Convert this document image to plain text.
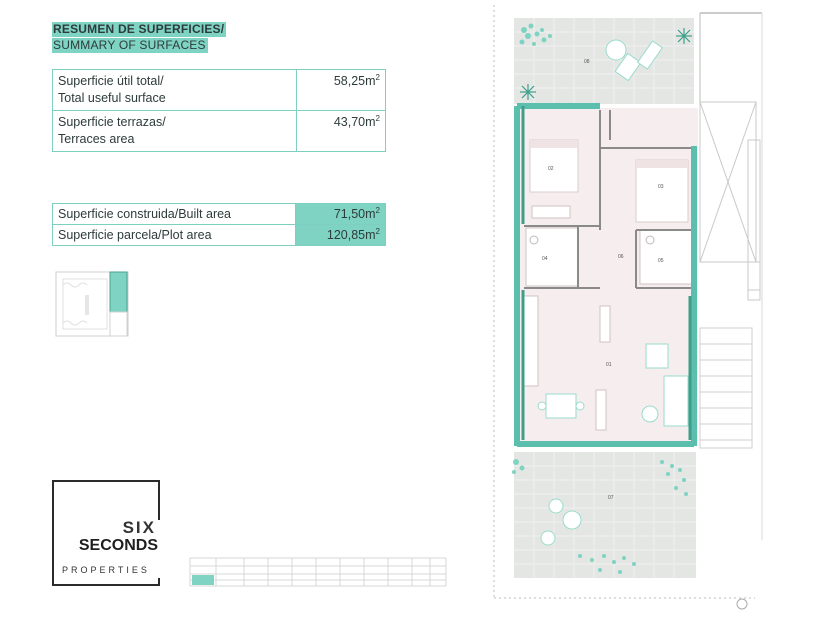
RESUMEN DE SUPERFICIES/
SUMMARY OF SURFACES
Superficie útil total/
Total useful surface	$58,25m^2$

Superficie terrazas/
Terraces area	$43,70m^2$
Superficie construida/Built area	$71,50m^2$
Superficie parcela/Plot area	$120,85m^2$
SIX
SECONDS
PROPERTIES
08
02
03
04	05
06
01
07
